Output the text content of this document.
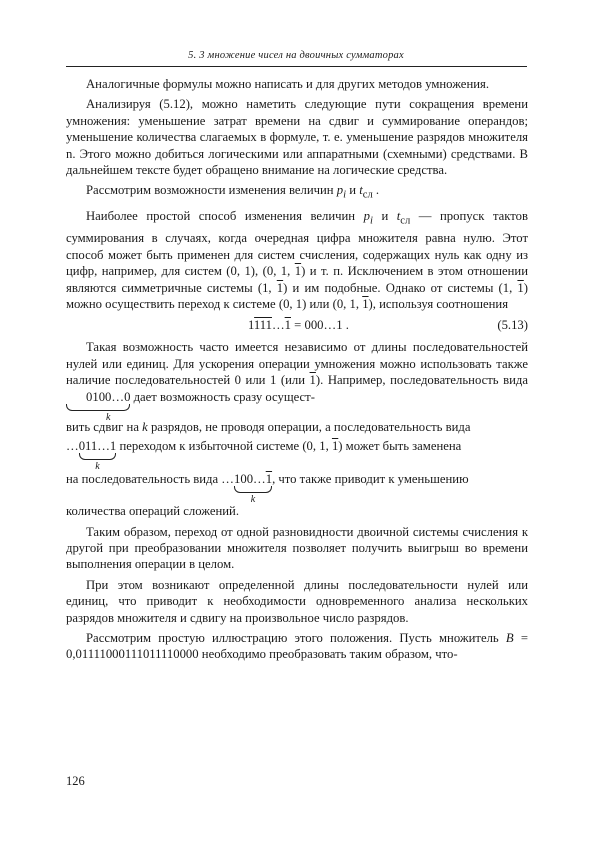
5. 3 множение чисел на двоичных сумматорах

Аналогичные формулы можно написать и для других методов умножения.

Анализируя (5.12), можно наметить следующие пути сокращения времени умножения: уменьшение затрат времени на сдвиг и суммирование операндов; уменьшение количества слагаемых в формуле, т. е. уменьшение разрядов множителя n. Этого можно добиться логическими или аппаратными (схемными) средствами. В дальнейшем тексте будет обращено внимание на логические средства.

Рассмотрим возможности изменения величин $p_i$ и $t_{сл}$ .

Наиболее простой способ изменения величин $p_i$ и $t_{сл}$ — пропуск тактов суммирования в случаях, когда очередная цифра множителя равна нулю. Этот способ может быть применен для систем счисления, содержащих нуль как одну из цифр, например, для систем (0, 1), (0, 1, 1) и т. п. Исключением в этом отношении являются симметричные системы (1, 1) и им подобные. Однако от системы (1, 1) можно осуществить переход к системе (0, 1) или (0, 1, 1), используя соотношения

1111…1 = 000…1 .	(5.13)

Такая возможность часто имеется независимо от длины последовательностей нулей или единиц. Для ускорения операции умножения можно использовать также наличие последовательностей 0 или 1 (или 1). Например, последовательность вида 0100…0
k
дает возможность сразу осущест-

вить сдвиг на k разрядов, не проводя операции, а последовательность вида

…011…1
k
переходом к избыточной системе (0, 1, 1) может быть заменена

на последовательность вида …100…1
k
, что также приводит к уменьшению

количества операций сложений.

Таким образом, переход от одной разновидности двоичной системы счисления к другой при преобразовании множителя позволяет получить выигрыш во времени выполнения операции в целом.

При этом возникают определенной длины последовательности нулей или единиц, что приводит к необходимости одновременного анализа нескольких разрядов множителя и сдвигу на произвольное число разрядов.

Рассмотрим простую иллюстрацию этого положения. Пусть множитель B = 0,01111000111011110000 необходимо преобразовать таким образом, что-

126
